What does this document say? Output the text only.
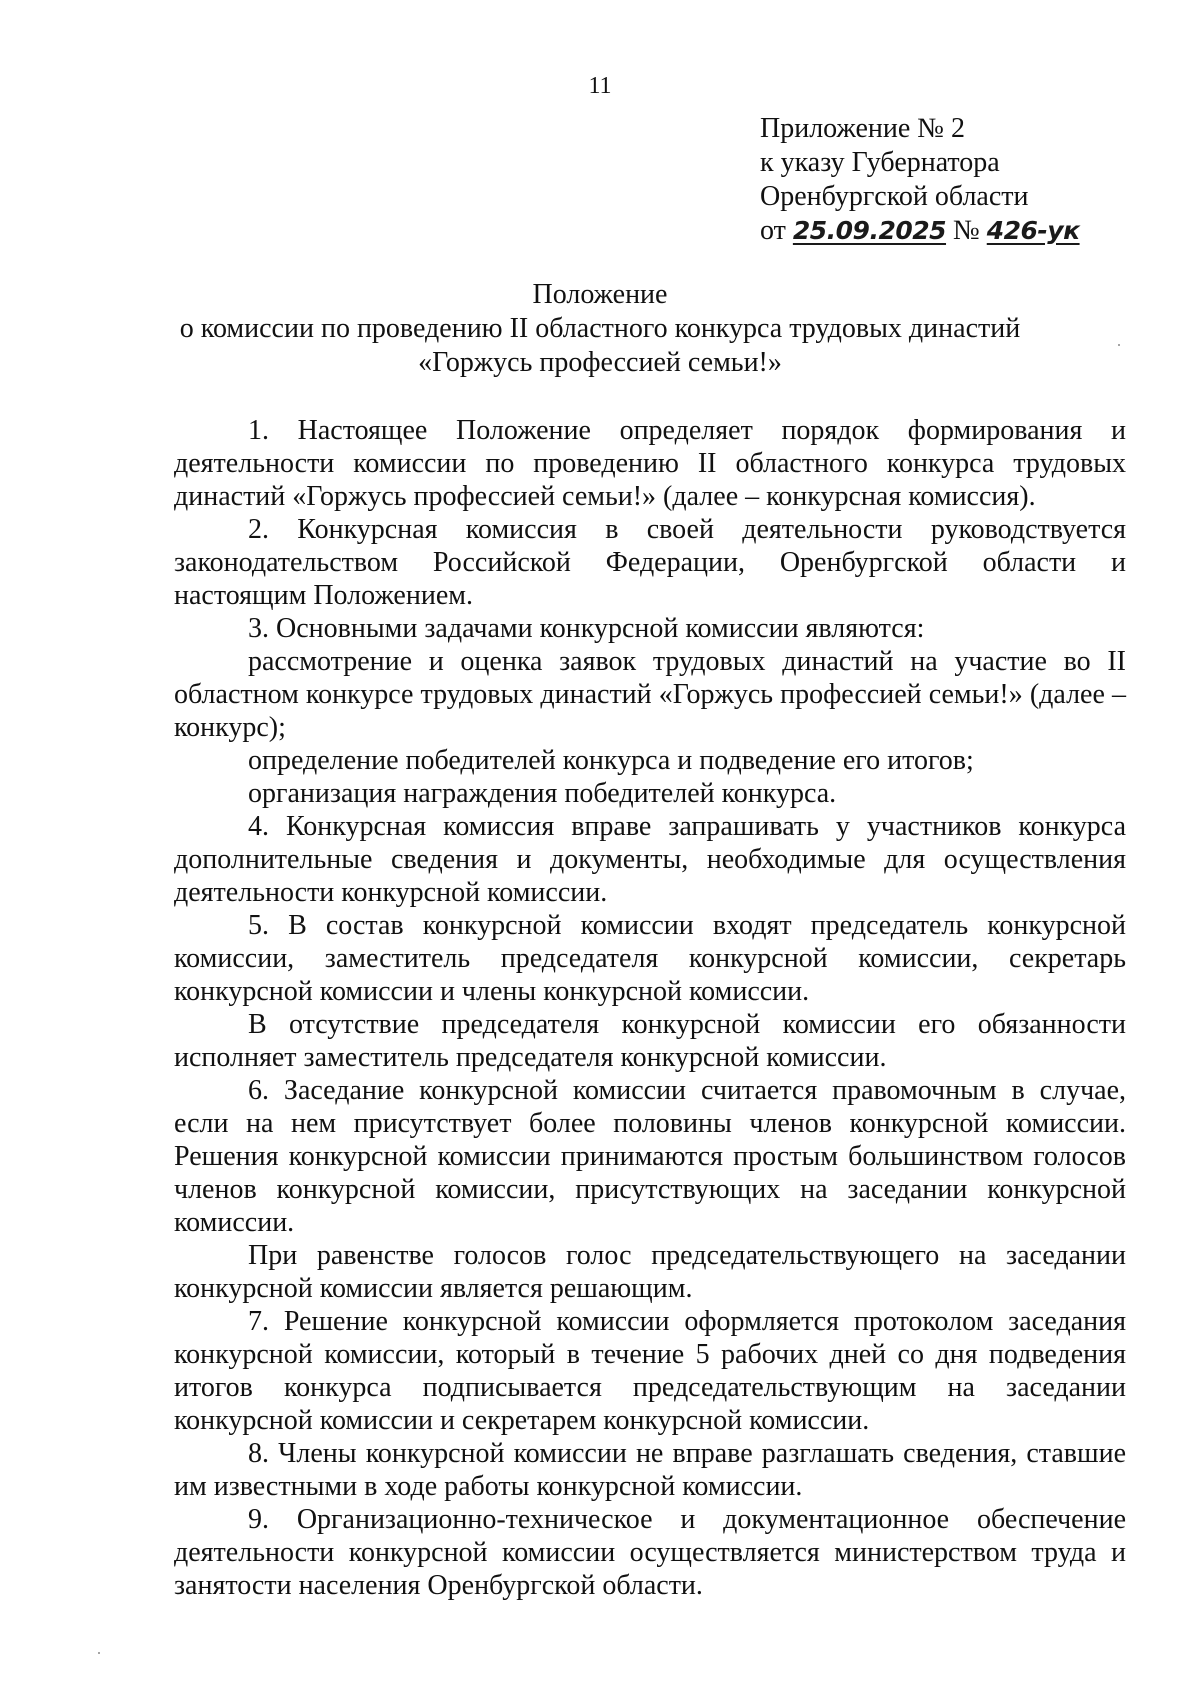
11
Приложение № 2
к указу Губернатора
Оренбургской области
от 25.09.2025 № 426-ук
Положение
о комиссии по проведению II областного конкурса трудовых династий
«Горжусь профессией семьи!»

1. Настоящее Положение определяет порядок формирования и деятельности комиссии по проведению II областного конкурса трудовых династий «Горжусь профессией семьи!» (далее – конкурсная комиссия).

2. Конкурсная комиссия в своей деятельности руководствуется законодательством Российской Федерации, Оренбургской области и настоящим Положением.

3. Основными задачами конкурсной комиссии являются:

рассмотрение и оценка заявок трудовых династий на участие во II областном конкурсе трудовых династий «Горжусь профессией семьи!» (далее – конкурс);

определение победителей конкурса и подведение его итогов;

организация награждения победителей конкурса.

4. Конкурсная комиссия вправе запрашивать у участников конкурса дополнительные сведения и документы, необходимые для осуществления деятельности конкурсной комиссии.

5. В состав конкурсной комиссии входят председатель конкурсной комиссии, заместитель председателя конкурсной комиссии, секретарь конкурсной комиссии и члены конкурсной комиссии.

В отсутствие председателя конкурсной комиссии его обязанности исполняет заместитель председателя конкурсной комиссии.

6. Заседание конкурсной комиссии считается правомочным в случае, если на нем присутствует более половины членов конкурсной комиссии. Решения конкурсной комиссии принимаются простым большинством голосов членов конкурсной комиссии, присутствующих на заседании конкурсной комиссии.

При равенстве голосов голос председательствующего на заседании конкурсной комиссии является решающим.

7. Решение конкурсной комиссии оформляется протоколом заседания конкурсной комиссии, который в течение 5 рабочих дней со дня подведения итогов конкурса подписывается председательствующим на заседании конкурсной комиссии и секретарем конкурсной комиссии.

8. Члены конкурсной комиссии не вправе разглашать сведения, ставшие им известными в ходе работы конкурсной комиссии.

9. Организационно-техническое и документационное обеспечение деятельности конкурсной комиссии осуществляется министерством труда и занятости населения Оренбургской области.
